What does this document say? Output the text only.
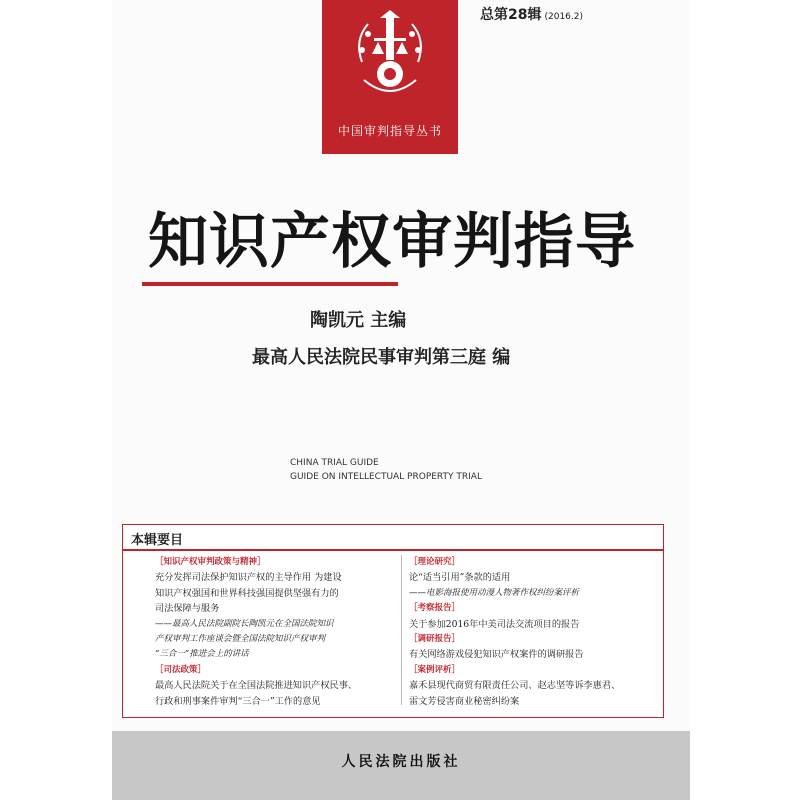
中国审判指导丛书
总第28辑 (2016.2)
知识产权审判指导
陶凯元 主编
最高人民法院民事审判第三庭 编
CHINA TRIAL GUIDE
GUIDE ON INTELLECTUAL PROPERTY TRIAL
本辑要目
［知识产权审判政策与精神］
充分发挥司法保护知识产权的主导作用 为建设
知识产权强国和世界科技强国提供坚强有力的
司法保障与服务
——最高人民法院副院长陶凯元在全国法院知识
产权审判工作座谈会暨全国法院知识产权审判
“三合一”推进会上的讲话
［司法政策］
最高人民法院关于在全国法院推进知识产权民事、
行政和刑事案件审判“三合一”工作的意见
［理论研究］
论“适当引用”条款的适用
——电影海报使用动漫人物著作权纠纷案评析
［考察报告］
关于参加2016年中美司法交流项目的报告
［调研报告］
有关网络游戏侵犯知识产权案件的调研报告
［案例评析］
嘉禾县现代商贸有限责任公司、赵志坚等诉李惠君、
雷文芳侵害商业秘密纠纷案
人民法院出版社
